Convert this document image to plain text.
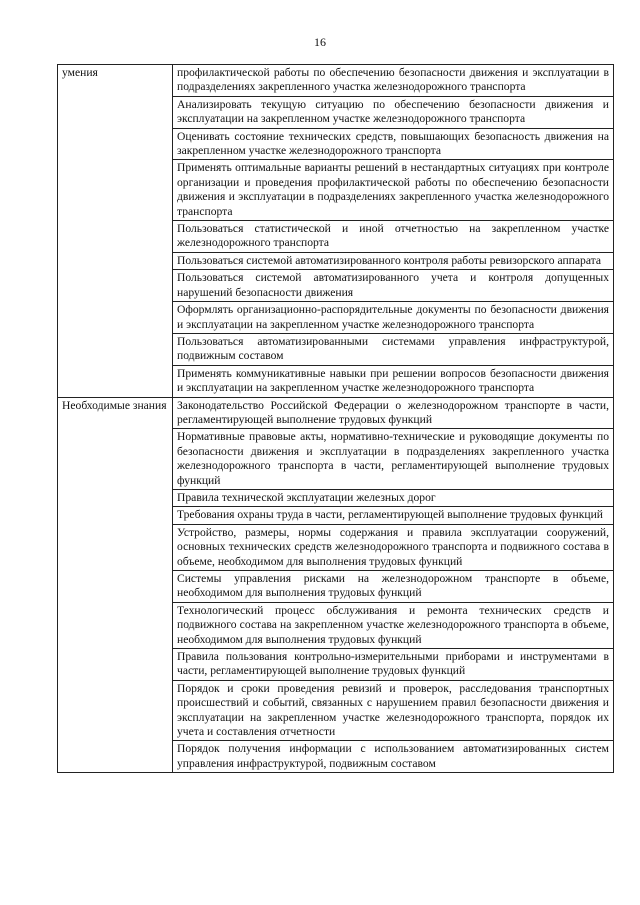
16
умения	профилактической работы по обеспечению безопасности движения и эксплуатации в подразделениях закрепленного участка железнодорожного транспорта
	Анализировать текущую ситуацию по обеспечению безопасности движения и эксплуатации на закрепленном участке железнодорожного транспорта
	Оценивать состояние технических средств, повышающих безопасность движения на закрепленном участке железнодорожного транспорта
	Применять оптимальные варианты решений в нестандартных ситуациях при контроле организации и проведения профилактической работы по обеспечению безопасности движения и эксплуатации в подразделениях закрепленного участка железнодорожного транспорта
	Пользоваться статистической и иной отчетностью на закрепленном участке железнодорожного транспорта
	Пользоваться системой автоматизированного контроля работы ревизорского аппарата
	Пользоваться системой автоматизированного учета и контроля допущенных нарушений безопасности движения
	Оформлять организационно-распорядительные документы по безопасности движения и эксплуатации на закрепленном участке железнодорожного транспорта
	Пользоваться автоматизированными системами управления инфраструктурой, подвижным составом
	Применять коммуникативные навыки при решении вопросов безопасности движения и эксплуатации на закрепленном участке железнодорожного транспорта
Необходимые знания	Законодательство Российской Федерации о железнодорожном транспорте в части, регламентирующей выполнение трудовых функций
	Нормативные правовые акты, нормативно-технические и руководящие документы по безопасности движения и эксплуатации в подразделениях закрепленного участка железнодорожного транспорта в части, регламентирующей выполнение трудовых функций
	Правила технической эксплуатации железных дорог
	Требования охраны труда в части, регламентирующей выполнение трудовых функций
	Устройство, размеры, нормы содержания и правила эксплуатации сооружений, основных технических средств железнодорожного транспорта и подвижного состава в объеме, необходимом для выполнения трудовых функций
	Системы управления рисками на железнодорожном транспорте в объеме, необходимом для выполнения трудовых функций
	Технологический процесс обслуживания и ремонта технических средств и подвижного состава на закрепленном участке железнодорожного транспорта в объеме, необходимом для выполнения трудовых функций
	Правила пользования контрольно-измерительными приборами и инструментами в части, регламентирующей выполнение трудовых функций
	Порядок и сроки проведения ревизий и проверок, расследования транспортных происшествий и событий, связанных с нарушением правил безопасности движения и эксплуатации на закрепленном участке железнодорожного транспорта, порядок их учета и составления отчетности
	Порядок получения информации с использованием автоматизированных систем управления инфраструктурой, подвижным составом
